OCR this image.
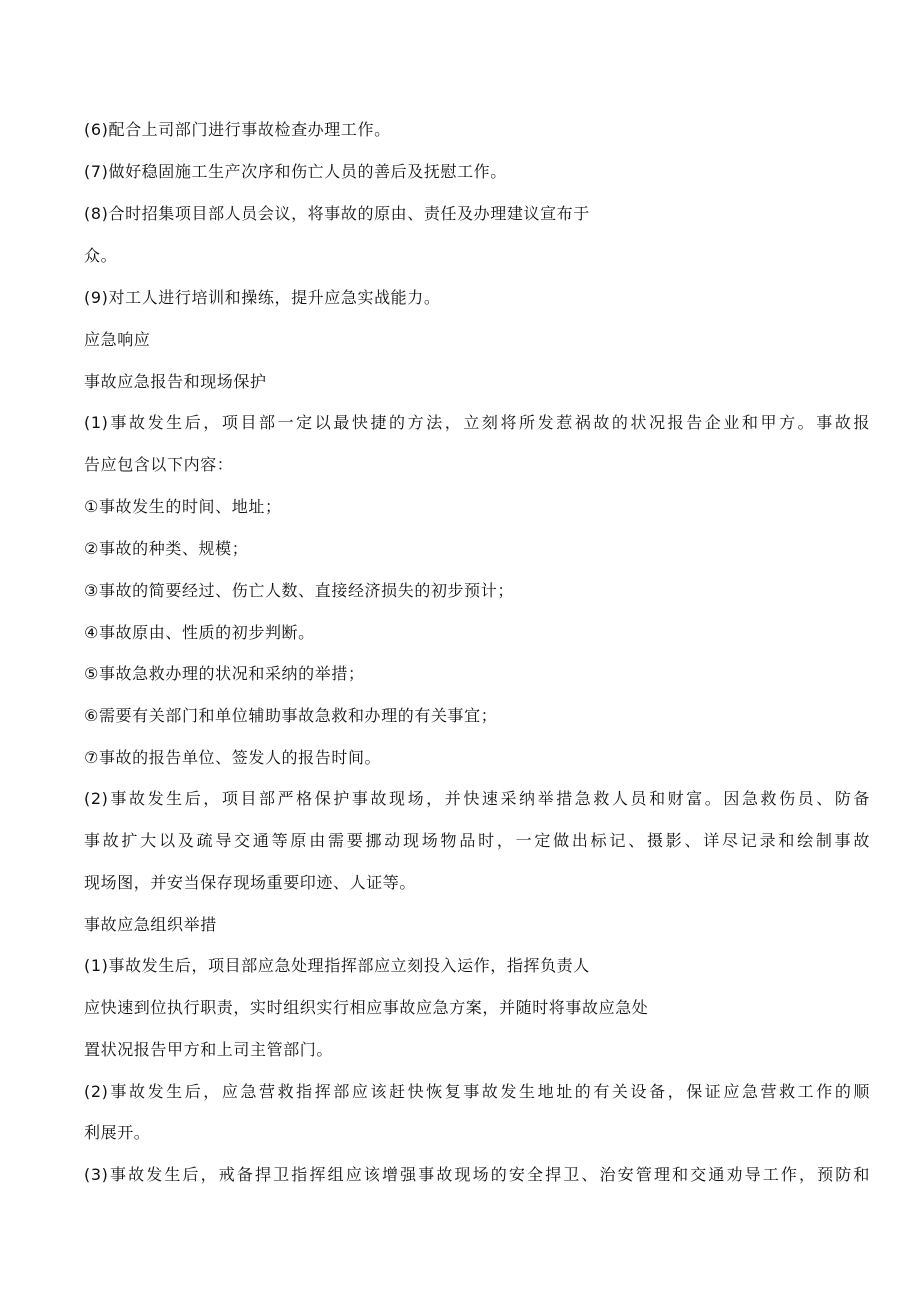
(6)配合上司部门进行事故检查办理工作。

(7)做好稳固施工生产次序和伤亡人员的善后及抚慰工作。

(8)合时招集项目部人员会议，将事故的原由、责任及办理建议宣布于

众。

(9)对工人进行培训和操练，提升应急实战能力。

应急响应

事故应急报告和现场保护

(1)事故发生后，项目部一定以最快捷的方法，立刻将所发惹祸故的状况报告企业和甲方。事故报

告应包含以下内容：

①事故发生的时间、地址；

②事故的种类、规模；

③事故的简要经过、伤亡人数、直接经济损失的初步预计；

④事故原由、性质的初步判断。

⑤事故急救办理的状况和采纳的举措；

⑥需要有关部门和单位辅助事故急救和办理的有关事宜；

⑦事故的报告单位、签发人的报告时间。

(2)事故发生后，项目部严格保护事故现场，并快速采纳举措急救人员和财富。因急救伤员、防备

事故扩大以及疏导交通等原由需要挪动现场物品时，一定做出标记、摄影、详尽记录和绘制事故

现场图，并安当保存现场重要印迹、人证等。

事故应急组织举措

(1)事故发生后，项目部应急处理指挥部应立刻投入运作，指挥负责人

应快速到位执行职责，实时组织实行相应事故应急方案，并随时将事故应急处

置状况报告甲方和上司主管部门。

(2)事故发生后，应急营救指挥部应该赶快恢复事故发生地址的有关设备，保证应急营救工作的顺

利展开。

(3)事故发生后，戒备捍卫指挥组应该增强事故现场的安全捍卫、治安管理和交通劝导工作，预防和
